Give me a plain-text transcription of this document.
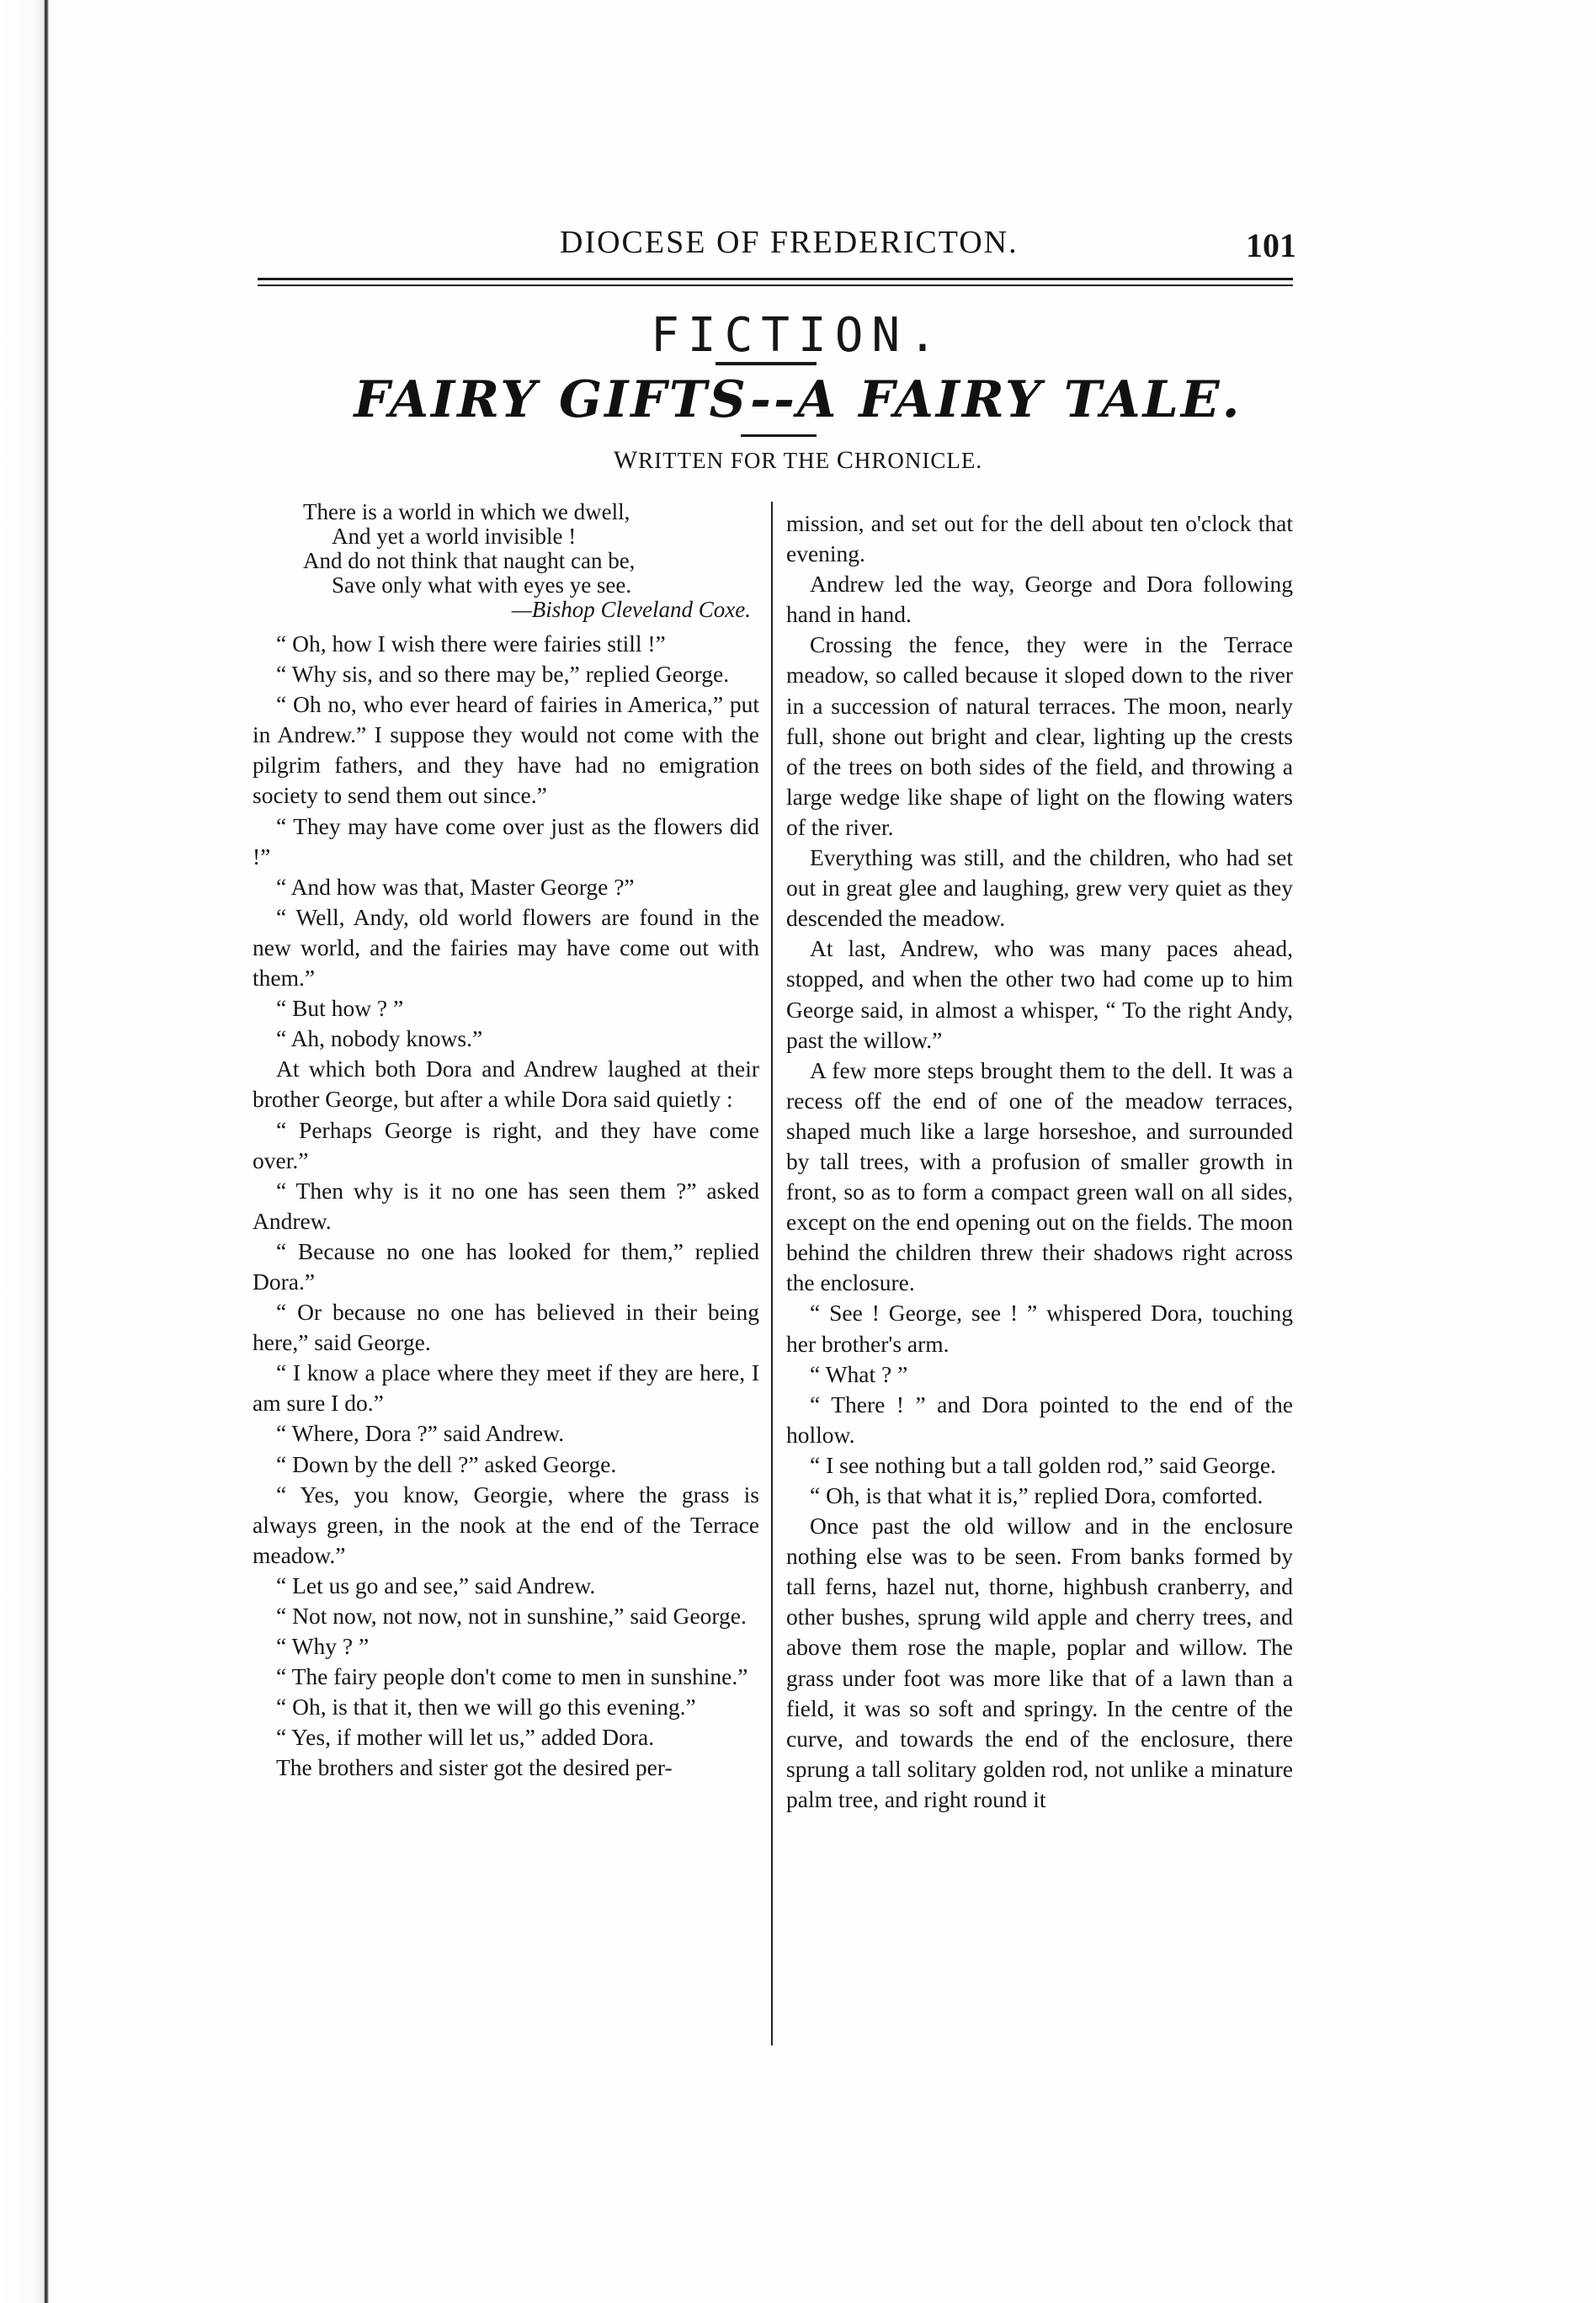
DIOCESE OF FREDERICTON.	101
FICTION.
FAIRY GIFTS--A FAIRY TALE.
WRITTEN FOR THE CHRONICLE.
There is a world in which we dwell,
And yet a world invisible !
And do not think that naught can be,
Save only what with eyes ye see.
—Bishop Cleveland Coxe.

“ Oh, how I wish there were fairies still !”

“ Why sis, and so there may be,” replied George.

“ Oh no, who ever heard of fairies in America,” put in Andrew.” I suppose they would not come with the pilgrim fathers, and they have had no emigration society to send them out since.”

“ They may have come over just as the flowers did !”

“ And how was that, Master George ?”

“ Well, Andy, old world flowers are found in the new world, and the fairies may have come out with them.”

“ But how ? ”

“ Ah, nobody knows.”

At which both Dora and Andrew laughed at their brother George, but after a while Dora said quietly :

“ Perhaps George is right, and they have come over.”

“ Then why is it no one has seen them ?” asked Andrew.

“ Because no one has looked for them,” replied Dora.”

“ Or because no one has believed in their being here,” said George.

“ I know a place where they meet if they are here, I am sure I do.”

“ Where, Dora ?” said Andrew.

“ Down by the dell ?” asked George.

“ Yes, you know, Georgie, where the grass is always green, in the nook at the end of the Terrace meadow.”

“ Let us go and see,” said Andrew.

“ Not now, not now, not in sunshine,” said George.

“ Why ? ”

“ The fairy people don't come to men in sunshine.”

“ Oh, is that it, then we will go this evening.”

“ Yes, if mother will let us,” added Dora.

The brothers and sister got the desired per-

mission, and set out for the dell about ten o'clock that evening.

Andrew led the way, George and Dora following hand in hand.

Crossing the fence, they were in the Terrace meadow, so called because it sloped down to the river in a succession of natural terraces. The moon, nearly full, shone out bright and clear, lighting up the crests of the trees on both sides of the field, and throwing a large wedge like shape of light on the flowing waters of the river.

Everything was still, and the children, who had set out in great glee and laughing, grew very quiet as they descended the meadow.

At last, Andrew, who was many paces ahead, stopped, and when the other two had come up to him George said, in almost a whisper, “ To the right Andy, past the willow.”

A few more steps brought them to the dell. It was a recess off the end of one of the meadow terraces, shaped much like a large horseshoe, and surrounded by tall trees, with a profusion of smaller growth in front, so as to form a compact green wall on all sides, except on the end opening out on the fields. The moon behind the children threw their shadows right across the enclosure.

“ See ! George, see ! ” whispered Dora, touching her brother's arm.

“ What ? ”

“ There ! ” and Dora pointed to the end of the hollow.

“ I see nothing but a tall golden rod,” said George.

“ Oh, is that what it is,” replied Dora, comforted.

Once past the old willow and in the enclosure nothing else was to be seen. From banks formed by tall ferns, hazel nut, thorne, highbush cranberry, and other bushes, sprung wild apple and cherry trees, and above them rose the maple, poplar and willow. The grass under foot was more like that of a lawn than a field, it was so soft and springy. In the centre of the curve, and towards the end of the enclosure, there sprung a tall solitary golden rod, not unlike a minature palm tree, and right round it
